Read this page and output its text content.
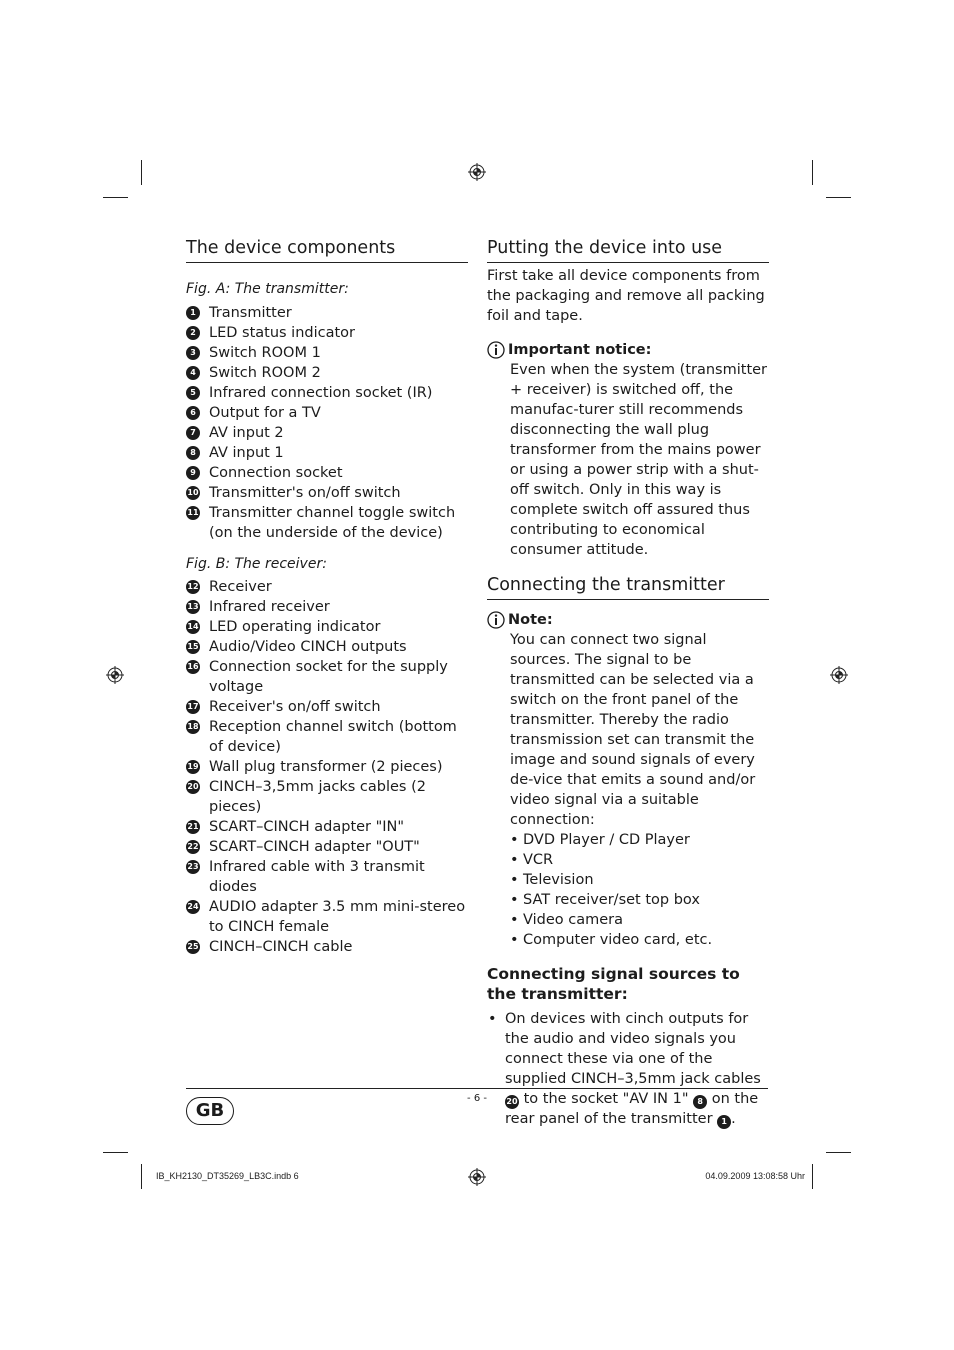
The device components

Fig. A: The transmitter:

1 Transmitter
2 LED status indicator
3 Switch ROOM 1
4 Switch ROOM 2
5 Infrared connection socket (IR)
6 Output for a TV
7 AV input 2
8 AV input 1
9 Connection socket
10 Transmitter's on/off switch
11 Transmitter channel toggle switch (on the underside of the device)

Fig. B: The receiver:

12 Receiver
13 Infrared receiver
14 LED operating indicator
15 Audio/Video CINCH outputs
16 Connection socket for the supply voltage
17 Receiver's on/off switch
18 Reception channel switch (bottom of device)
19 Wall plug transformer (2 pieces)
20 CINCH–3,5mm jacks cables (2 pieces)
21 SCART–CINCH adapter "IN"
22 SCART–CINCH adapter "OUT"
23 Infrared cable with 3 transmit diodes
24 AUDIO adapter 3.5 mm mini-stereo to CINCH female
25 CINCH–CINCH cable
Putting the device into use

First take all device components from the packaging and remove all packing foil and tape.

Important notice:

Even when the system (transmitter + receiver) is switched off, the manufac-turer still recommends disconnecting the wall plug transformer from the mains power or using a power strip with a shut-off switch. Only in this way is complete switch off assured thus contributing to economical consumer attitude.

Connecting the transmitter
Note:

You can connect two signal sources. The signal to be transmitted can be selected via a switch on the front panel of the transmitter. Thereby the radio transmission set can transmit the image and sound signals of every de-vice that emits a sound and/or video signal via a suitable connection:

• DVD Player / CD Player
• VCR
• Television
• SAT receiver/set top box
• Video camera
• Computer video card, etc.
Connecting signal sources to the transmitter:
• On devices with cinch outputs for the audio and video signals you connect these via one of the supplied CINCH–3,5mm jack cables 20 to the socket "AV IN 1" 8 on the rear panel of the transmitter 1 .
- 6 -
GB
IB_KH2130_DT35269_LB3C.indb 6	04.09.2009 13:08:58 Uhr
